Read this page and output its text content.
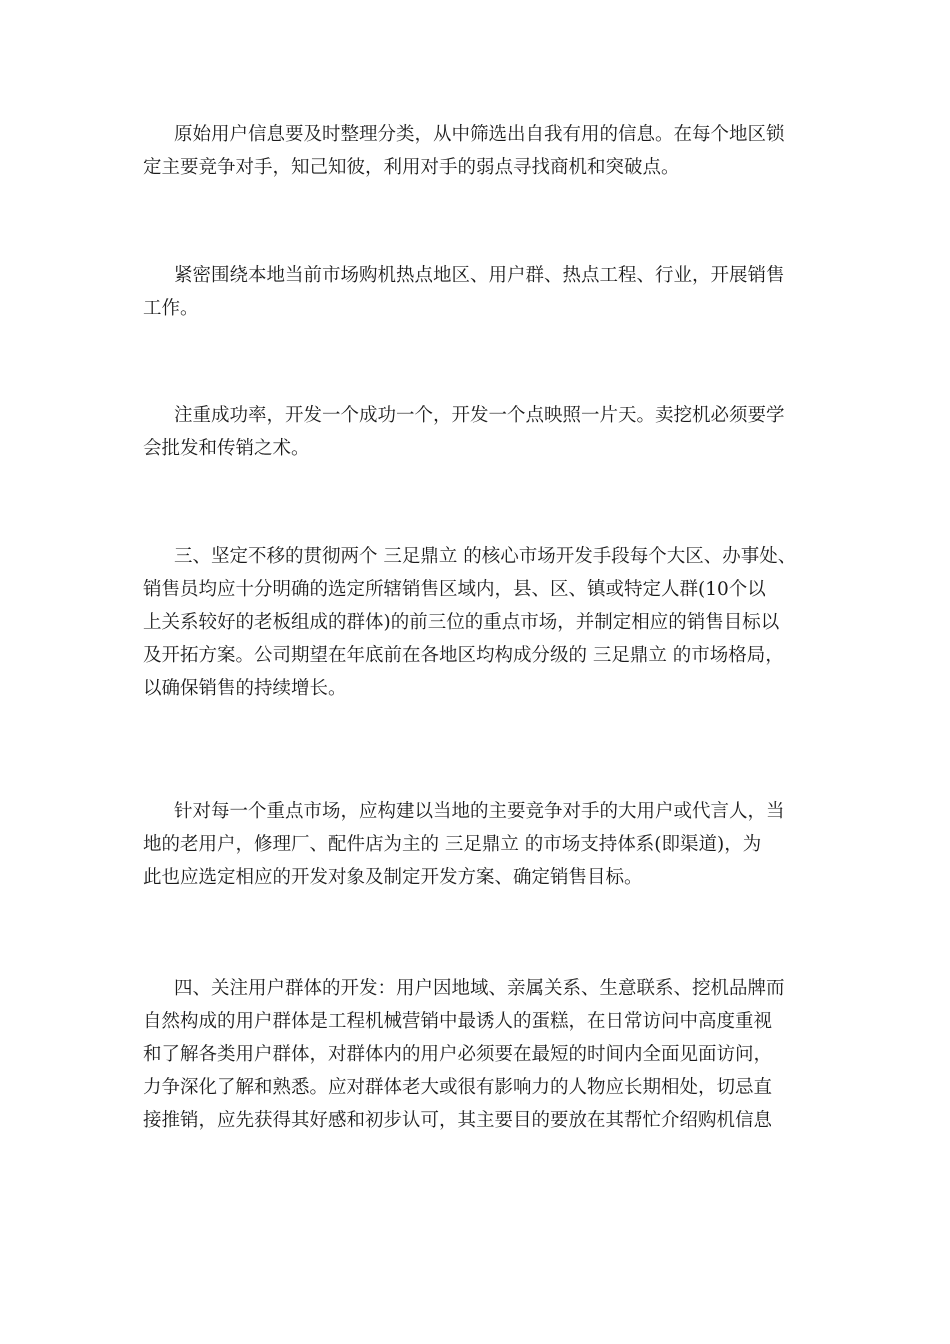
原始用户信息要及时整理分类，从中筛选出自我有用的信息。在每个地区锁
定主要竞争对手，知己知彼，利用对手的弱点寻找商机和突破点。
紧密围绕本地当前市场购机热点地区、用户群、热点工程、行业，开展销售
工作。
注重成功率，开发一个成功一个，开发一个点映照一片天。卖挖机必须要学
会批发和传销之术。
三、坚定不移的贯彻两个 三足鼎立 的核心市场开发手段每个大区、办事处、
销售员均应十分明确的选定所辖销售区域内，县、区、镇或特定人群(10个以
上关系较好的老板组成的群体)的前三位的重点市场，并制定相应的销售目标以
及开拓方案。公司期望在年底前在各地区均构成分级的 三足鼎立 的市场格局，
以确保销售的持续增长。
针对每一个重点市场，应构建以当地的主要竞争对手的大用户或代言人，当
地的老用户，修理厂、配件店为主的 三足鼎立 的市场支持体系(即渠道)，为
此也应选定相应的开发对象及制定开发方案、确定销售目标。
四、关注用户群体的开发：用户因地域、亲属关系、生意联系、挖机品牌而
自然构成的用户群体是工程机械营销中最诱人的蛋糕，在日常访问中高度重视
和了解各类用户群体，对群体内的用户必须要在最短的时间内全面见面访问，
力争深化了解和熟悉。应对群体老大或很有影响力的人物应长期相处，切忌直
接推销，应先获得其好感和初步认可，其主要目的要放在其帮忙介绍购机信息
